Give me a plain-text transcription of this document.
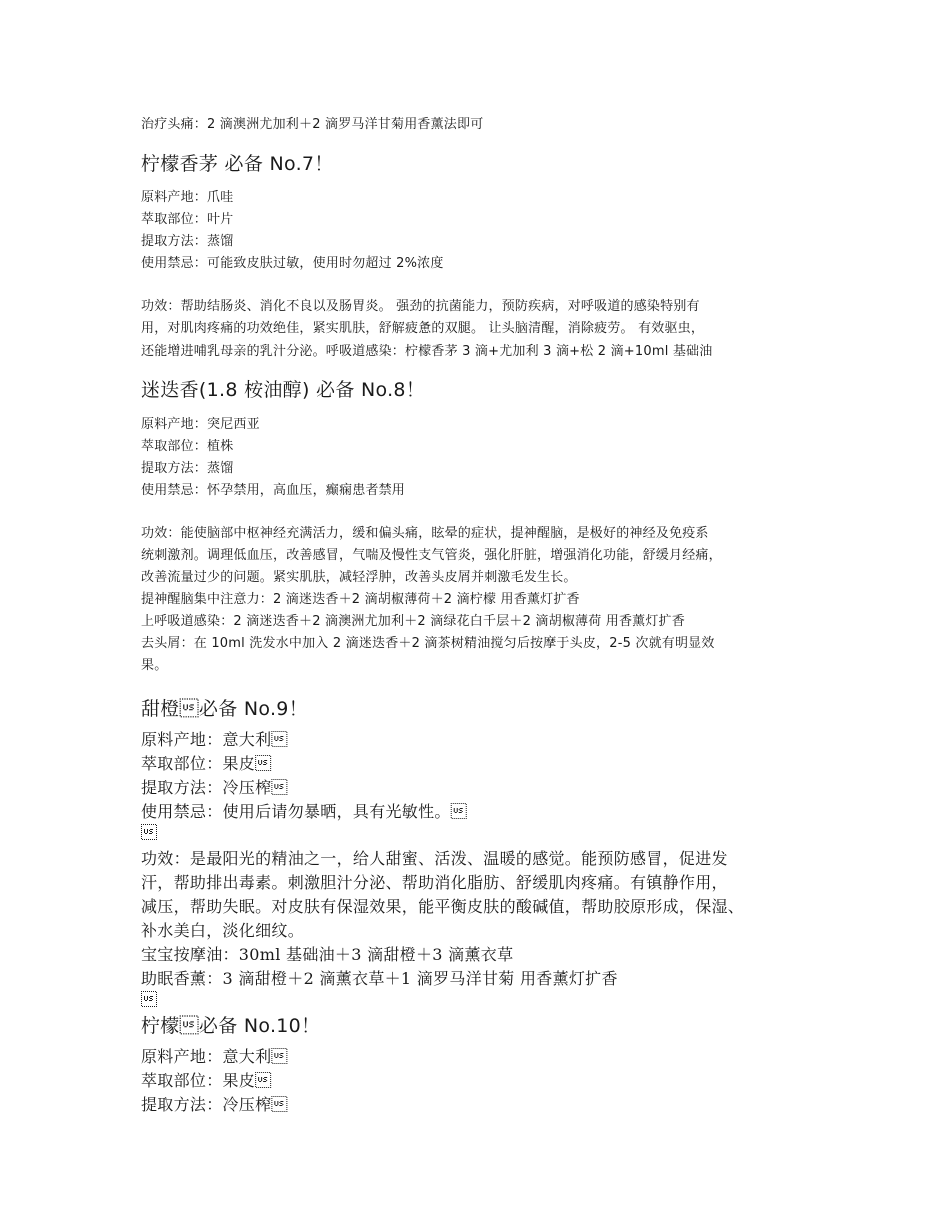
治疗头痛：2 滴澳洲尤加利＋2 滴罗马洋甘菊用香薰法即可

柠檬香茅 必备 No.7！

原料产地：爪哇

萃取部位：叶片

提取方法：蒸馏

使用禁忌：可能致皮肤过敏，使用时勿超过 2%浓度

功效：帮助结肠炎、消化不良以及肠胃炎。 强劲的抗菌能力，预防疾病，对呼吸道的感染特别有

用，对肌肉疼痛的功效绝佳，紧实肌肤，舒解疲惫的双腿。 让头脑清醒，消除疲劳。 有效驱虫，

还能增进哺乳母亲的乳汁分泌。呼吸道感染：柠檬香茅 3 滴+尤加利 3 滴+松 2 滴+10ml 基础油

迷迭香(1.8 桉油醇) 必备 No.8！

原料产地：突尼西亚

萃取部位：植株

提取方法：蒸馏

使用禁忌：怀孕禁用，高血压，癫痫患者禁用

功效：能使脑部中枢神经充满活力，缓和偏头痛，眩晕的症状，提神醒脑，是极好的神经及免疫系

统刺激剂。调理低血压，改善感冒，气喘及慢性支气管炎，强化肝脏，增强消化功能，舒缓月经痛，

改善流量过少的问题。紧实肌肤，减轻浮肿，改善头皮屑并刺激毛发生长。

提神醒脑集中注意力：2 滴迷迭香＋2 滴胡椒薄荷＋2 滴柠檬 用香薰灯扩香

上呼吸道感染：2 滴迷迭香＋2 滴澳洲尤加利＋2 滴绿花白千层＋2 滴胡椒薄荷 用香薰灯扩香

去头屑：在 10ml 洗发水中加入 2 滴迷迭香＋2 滴茶树精油搅匀后按摩于头皮，2-5 次就有明显效

果。

甜橙必备 No.9！

原料产地：意大利

萃取部位：果皮

提取方法：冷压榨

使用禁忌：使用后请勿暴晒，具有光敏性。

功效：是最阳光的精油之一，给人甜蜜、活泼、温暖的感觉。能预防感冒，促进发

汗，帮助排出毒素。刺激胆汁分泌、帮助消化脂肪、舒缓肌肉疼痛。有镇静作用，

减压，帮助失眠。对皮肤有保湿效果，能平衡皮肤的酸碱值，帮助胶原形成，保湿、

补水美白，淡化细纹。

宝宝按摩油：30ml 基础油＋3 滴甜橙＋3 滴薰衣草

助眠香薰：3 滴甜橙＋2 滴薰衣草＋1 滴罗马洋甘菊 用香薰灯扩香

柠檬必备 No.10！

原料产地：意大利

萃取部位：果皮

提取方法：冷压榨
